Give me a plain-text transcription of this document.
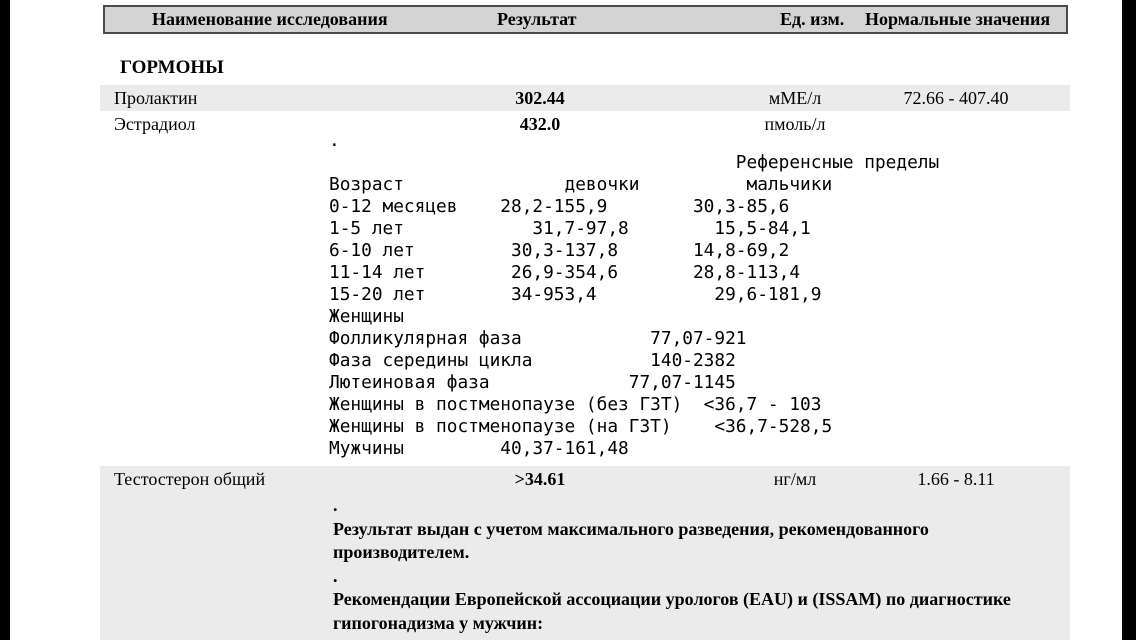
Наименование исследования	Результат	Ед. изм. Нормальные значения
ГОРМОНЫ
Пролактин	302.44	мМЕ/л	72.66 - 407.40
Эстрадиол	432.0	пмоль/л
.
Референсные пределы
Возраст               девочки          мальчики
0-12 месяцев    28,2-155,9        30,3-85,6
1-5 лет            31,7-97,8        15,5-84,1
6-10 лет         30,3-137,8       14,8-69,2
11-14 лет        26,9-354,6       28,8-113,4
15-20 лет        34-953,4           29,6-181,9
Женщины
Фолликулярная фаза            77,07-921
Фаза середины цикла           140-2382
Лютеиновая фаза             77,07-1145
Женщины в постменопаузе (без ГЗТ)  <36,7 - 103
Женщины в постменопаузе (на ГЗТ)    <36,7-528,5
Мужчины         40,37-161,48
Тестостерон общий	>34.61	нг/мл	1.66 - 8.11
.
Результат выдан с учетом максимального разведения, рекомендованного
производителем.
.
Рекомендации Европейской ассоциации урологов (EAU) и (ISSAM) по диагностике
гипогонадизма у мужчин:
